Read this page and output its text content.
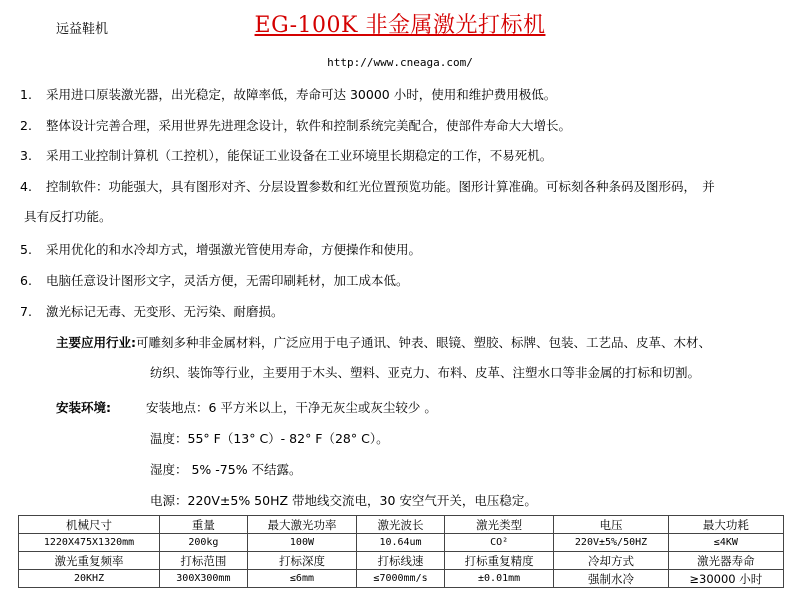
远益鞋机	EG-100K 非金属激光打标机
http://www.cneaga.com/
1. 采用进口原装激光器，出光稳定，故障率低，寿命可达 30000 小时，使用和维护费用极低。
2. 整体设计完善合理，采用世界先进理念设计，软件和控制系统完美配合，使部件寿命大大增长。
3. 采用工业控制计算机（工控机），能保证工业设备在工业环境里长期稳定的工作，不易死机。
4. 控制软件：功能强大，具有图形对齐、分层设置参数和红光位置预览功能。图形计算准确。可标刻各种条码及图形码，　并
具有反打功能。
5. 采用优化的和水冷却方式，增强激光管使用寿命，方便操作和使用。
6. 电脑任意设计图形文字，灵活方便，无需印刷耗材，加工成本低。
7. 激光标记无毒、无变形、无污染、耐磨损。
主要应用行业:可雕刻多种非金属材料，广泛应用于电子通讯、钟表、眼镜、塑胶、标牌、包装、工艺品、皮革、木材、
纺织、装饰等行业，主要用于木头、塑料、亚克力、布料、皮革、注塑水口等非金属的打标和切割。
安装环境:	安装地点：6 平方米以上，干净无灰尘或灰尘较少 。
温度：55° F（13° C）- 82° F（28° C）。
湿度： 5% -75% 不结露。
电源：220V±5% 50HZ 带地线交流电，30 安空气开关，电压稳定。
机械尺寸	重量	最大激光功率	激光波长	激光类型	电压	最大功耗
1220X475X1320mm	200kg	100W	10.64um	CO²	220V±5%/50HZ	≤4KW
激光重复频率	打标范围	打标深度	打标线速	打标重复精度	冷却方式	激光器寿命
20KHZ	300X300mm	≤6mm	≤7000mm/s	±0.01mm	强制水冷	≥30000 小时
